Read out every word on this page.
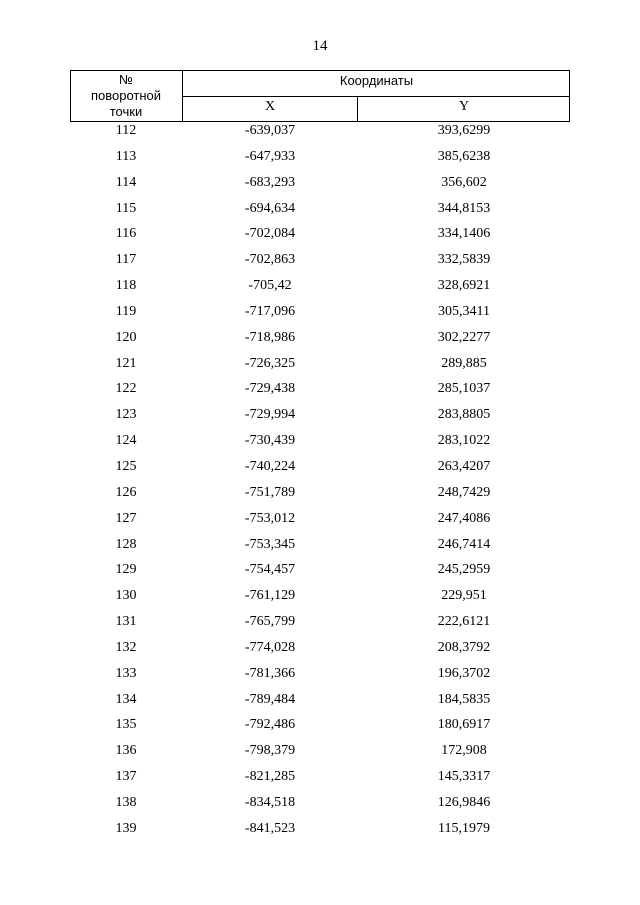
14
№
поворотной
точки
Координаты
X	Y
112	-639,037	393,6299
113	-647,933	385,6238
114	-683,293	356,602
115	-694,634	344,8153
116	-702,084	334,1406
117	-702,863	332,5839
118	-705,42	328,6921
119	-717,096	305,3411
120	-718,986	302,2277
121	-726,325	289,885
122	-729,438	285,1037
123	-729,994	283,8805
124	-730,439	283,1022
125	-740,224	263,4207
126	-751,789	248,7429
127	-753,012	247,4086
128	-753,345	246,7414
129	-754,457	245,2959
130	-761,129	229,951
131	-765,799	222,6121
132	-774,028	208,3792
133	-781,366	196,3702
134	-789,484	184,5835
135	-792,486	180,6917
136	-798,379	172,908
137	-821,285	145,3317
138	-834,518	126,9846
139	-841,523	115,1979
